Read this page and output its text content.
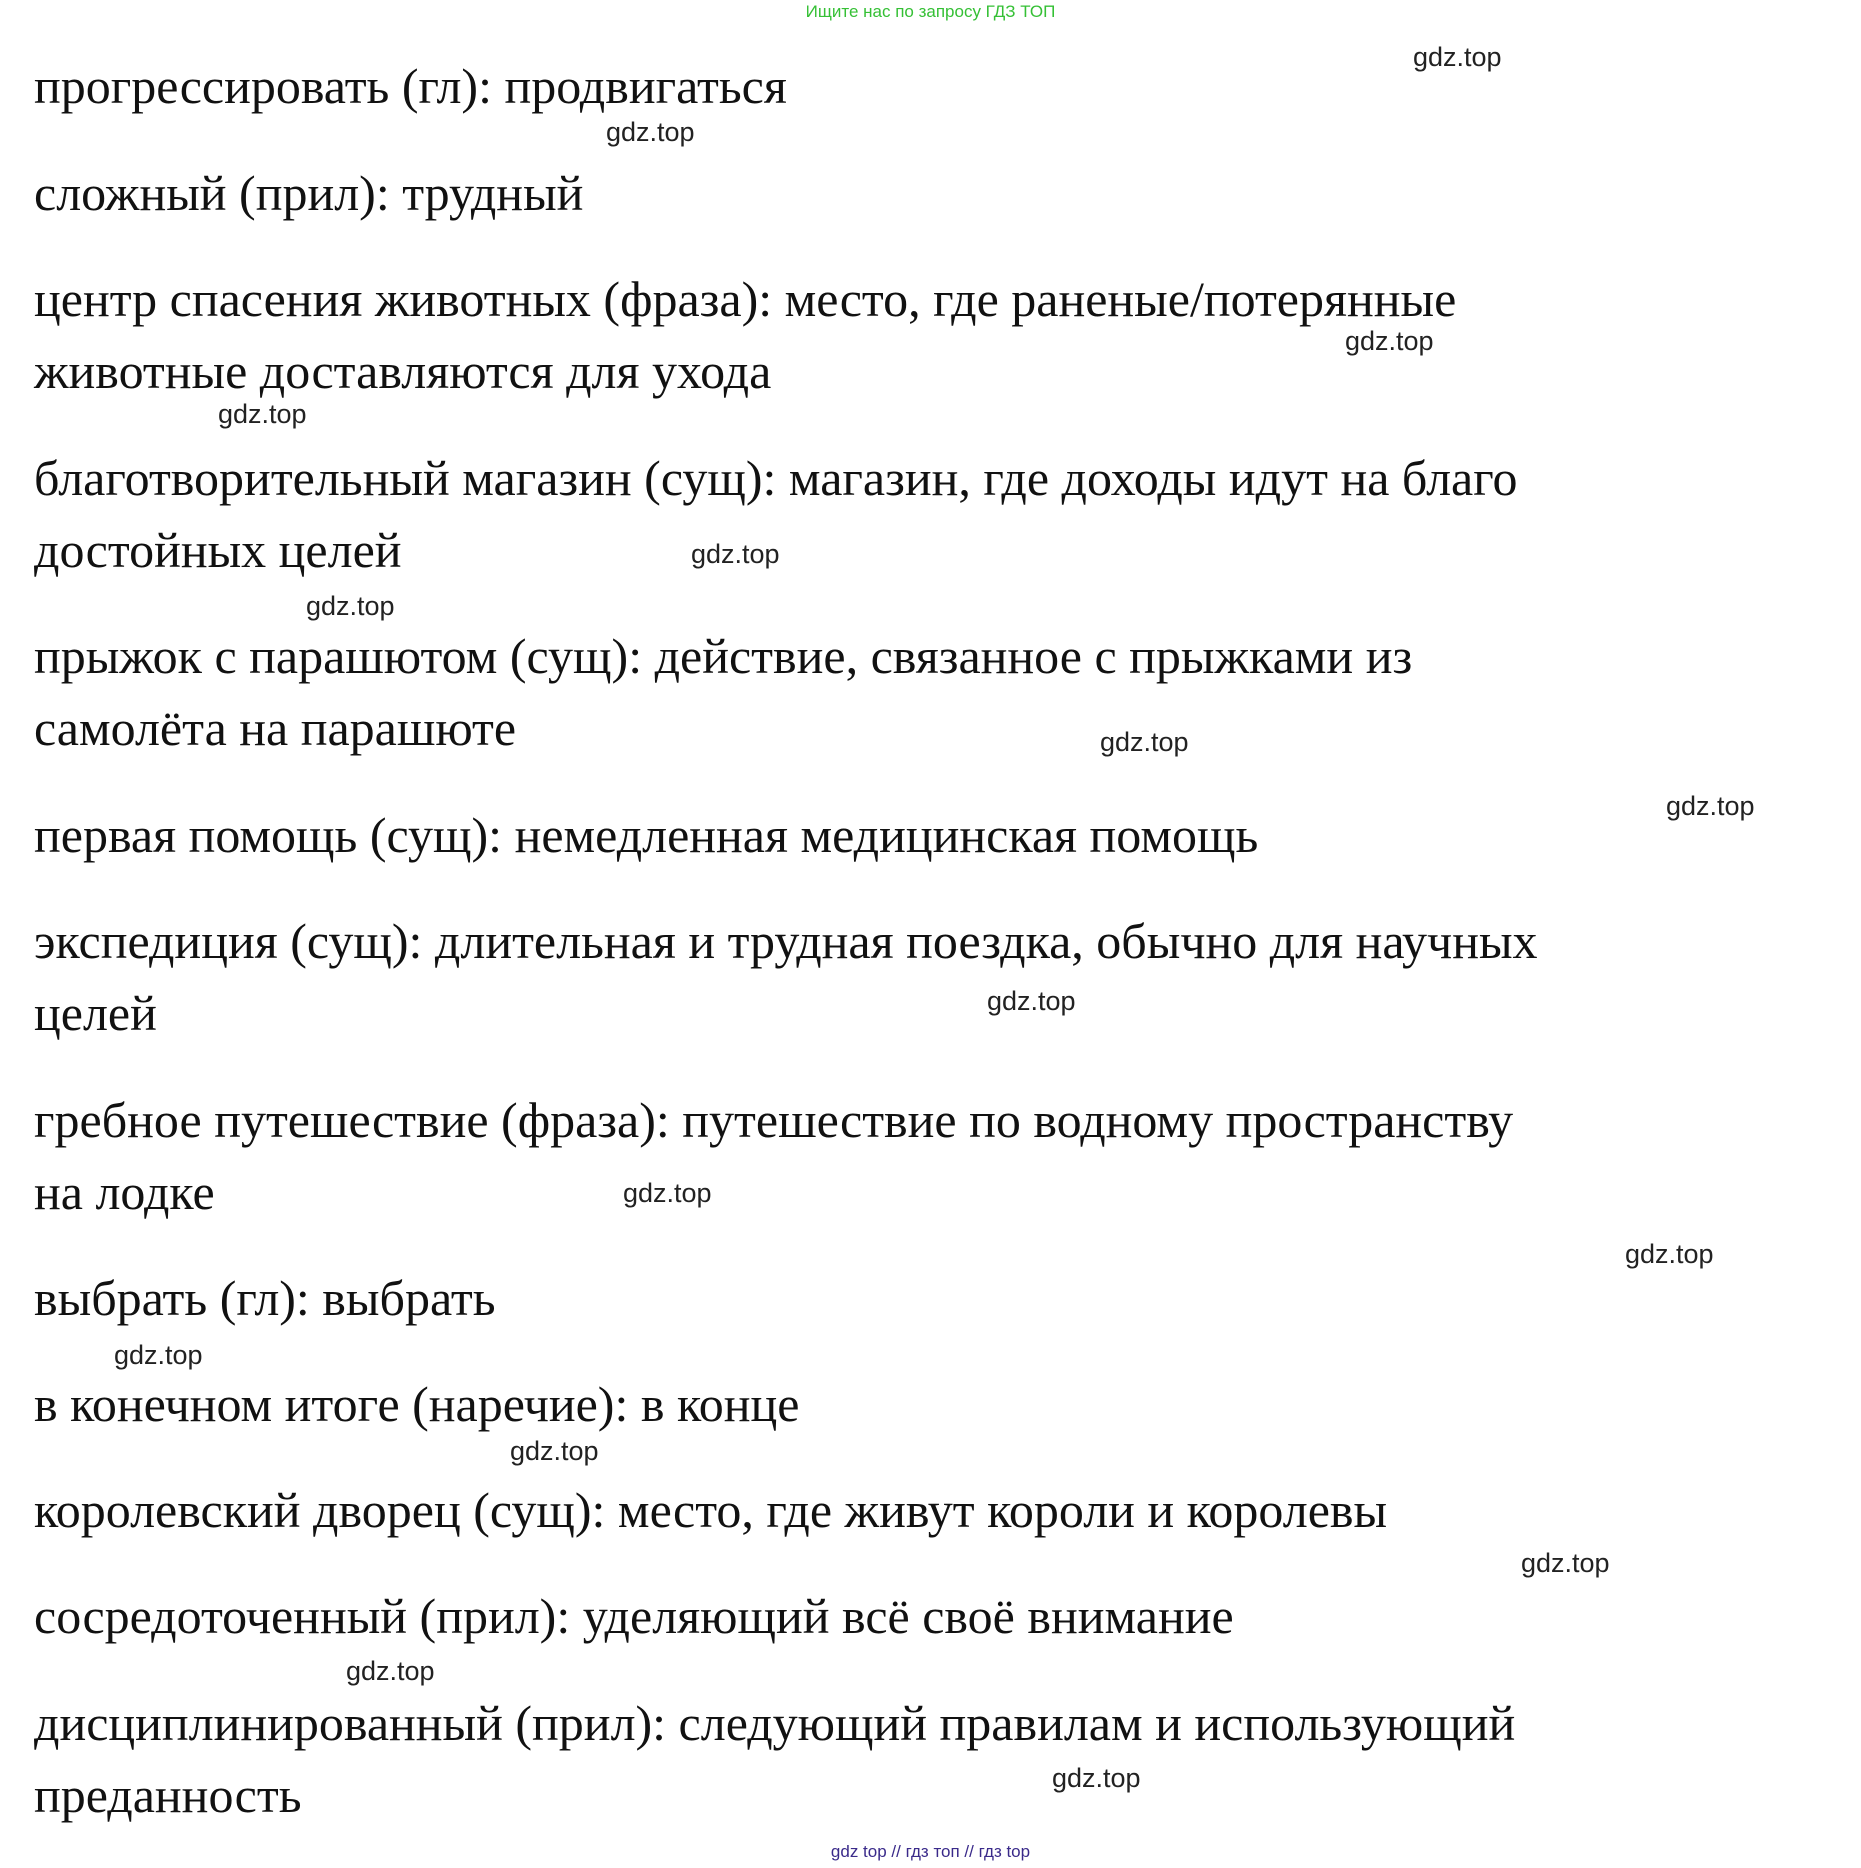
Ищите нас по запросу ГДЗ ТОП
прогрессировать (гл): продвигаться
сложный (прил): трудный
центр спасения животных (фраза): место, где раненые/потерянные
животные доставляются для ухода
благотворительный магазин (сущ): магазин, где доходы идут на благо
достойных целей
прыжок с парашютом (сущ): действие, связанное с прыжками из
самолёта на парашюте
первая помощь (сущ): немедленная медицинская помощь
экспедиция (сущ): длительная и трудная поездка, обычно для научных
целей
гребное путешествие (фраза): путешествие по водному пространству
на лодке
выбрать (гл): выбрать
в конечном итоге (наречие): в конце
королевский дворец (сущ): место, где живут короли и королевы
сосредоточенный (прил): уделяющий всё своё внимание
дисциплинированный (прил): следующий правилам и использующий
преданность
gdz.top
gdz.top
gdz.top
gdz.top
gdz.top
gdz.top
gdz.top
gdz.top
gdz.top
gdz.top
gdz.top
gdz.top
gdz.top
gdz.top
gdz.top
gdz.top
gdz top // гдз топ // гдз top
